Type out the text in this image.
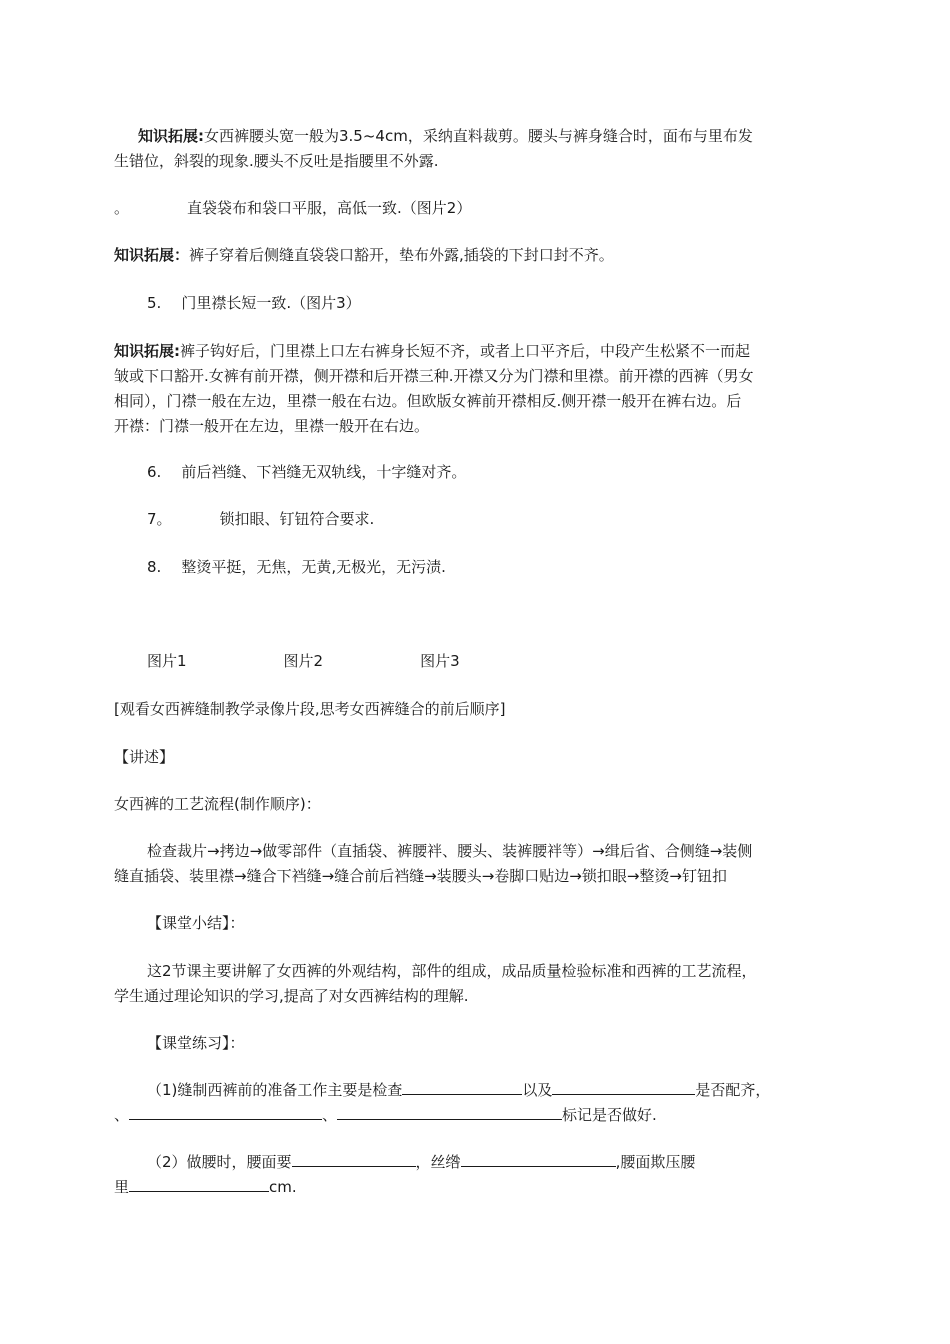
知识拓展:女西裤腰头宽一般为3.5~4cm，采纳直料裁剪。腰头与裤身缝合时，面布与里布发
生错位，斜裂的现象.腰头不反吐是指腰里不外露.
。	直袋袋布和袋口平服，高低一致.（图片2）
知识拓展：裤子穿着后侧缝直袋袋口豁开，垫布外露,插袋的下封口封不齐。
5. 门里襟长短一致.（图片3）
知识拓展:裤子钩好后，门里襟上口左右裤身长短不齐，或者上口平齐后，中段产生松紧不一而起
皱或下口豁开.女裤有前开襟，侧开襟和后开襟三种.开襟又分为门襟和里襟。前开襟的西裤（男女
相同），门襟一般在左边，里襟一般在右边。但欧版女裤前开襟相反.侧开襟一般开在裤右边。后
开襟：门襟一般开在左边，里襟一般开在右边。
6. 前后裆缝、下裆缝无双轨线，十字缝对齐。
7。	锁扣眼、钉钮符合要求.
8. 整烫平挺，无焦，无黄,无极光，无污渍.
图片1	图片2	图片3
[观看女西裤缝制教学录像片段,思考女西裤缝合的前后顺序]
【讲述】
女西裤的工艺流程(制作顺序)：
检查裁片→拷边→做零部件（直插袋、裤腰袢、腰头、装裤腰袢等）→缉后省、合侧缝→装侧
缝直插袋、装里襟→缝合下裆缝→缝合前后裆缝→装腰头→卷脚口贴边→锁扣眼→整烫→钉钮扣
【课堂小结】：
这2节课主要讲解了女西裤的外观结构，部件的组成，成品质量检验标准和西裤的工艺流程，
学生通过理论知识的学习,提高了对女西裤结构的理解.
【课堂练习】：
（1)缝制西裤前的准备工作主要是检查	以及	是否配齐，
、	、	标记是否做好.
（2）做腰时，腰面要	，丝绺	,腰面欺压腰
里	cm.
